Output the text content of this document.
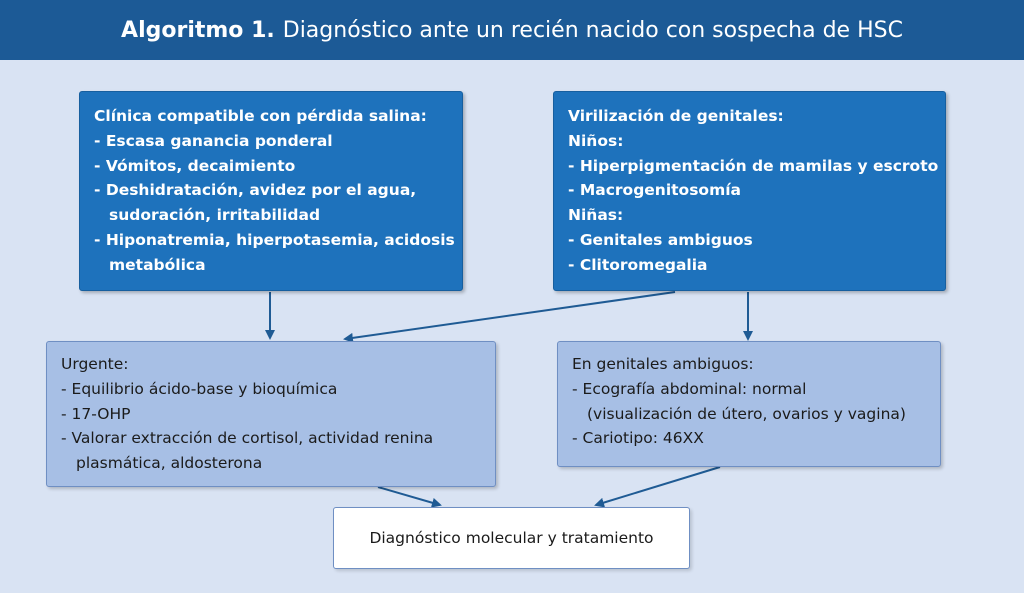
Algoritmo 1. Diagnóstico ante un recién nacido con sospecha de HSC
Clínica compatible con pérdida salina:
- Escasa ganancia ponderal
- Vómitos, decaimiento
- Deshidratación, avidez por el agua,
sudoración, irritabilidad
- Hiponatremia, hiperpotasemia, acidosis
metabólica
Virilización de genitales:
Niños:
- Hiperpigmentación de mamilas y escroto
- Macrogenitosomía
Niñas:
- Genitales ambiguos
- Clitoromegalia
Urgente:
- Equilibrio ácido-base y bioquímica
- 17-OHP
- Valorar extracción de cortisol, actividad renina
plasmática, aldosterona
En genitales ambiguos:
- Ecografía abdominal: normal
(visualización de útero, ovarios y vagina)
- Cariotipo: 46XX
Diagnóstico molecular y tratamiento
